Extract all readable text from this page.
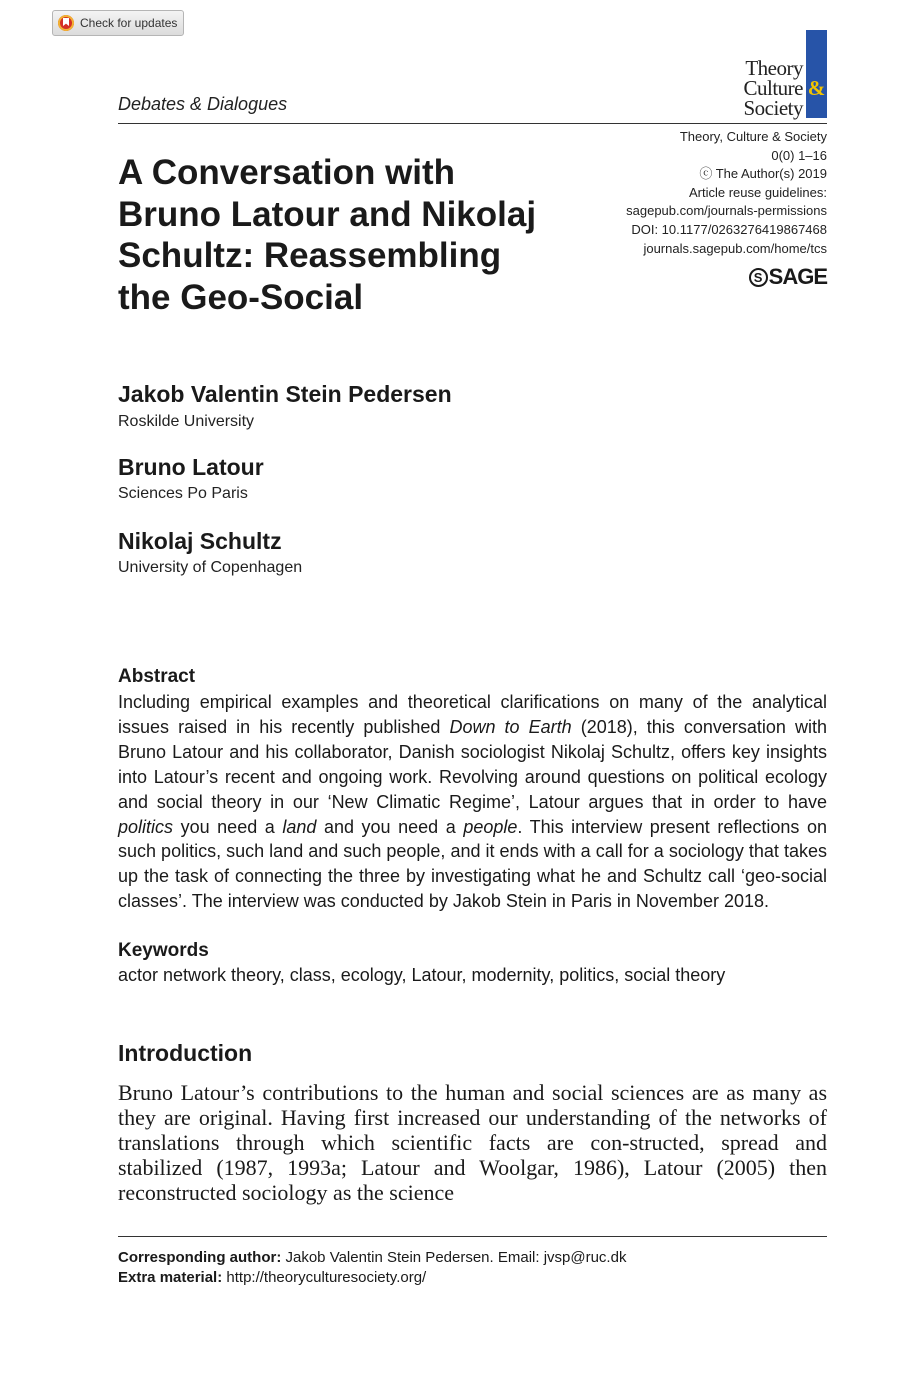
Check for updates
Theory
Culture &
Society
Debates & Dialogues
Theory, Culture & Society
0(0) 1–16
ⓒ The Author(s) 2019
Article reuse guidelines:
sagepub.com/journals-permissions
DOI: 10.1177/0263276419867468
journals.sagepub.com/home/tcs
S SAGE
A Conversation with Bruno Latour and Nikolaj Schultz: Reassembling the Geo-Social
Jakob Valentin Stein Pedersen
Roskilde University
Bruno Latour
Sciences Po Paris
Nikolaj Schultz
University of Copenhagen
Abstract

Including empirical examples and theoretical clarifications on many of the analytical issues raised in his recently published Down to Earth (2018), this conversation with Bruno Latour and his collaborator, Danish sociologist Nikolaj Schultz, offers key insights into Latour’s recent and ongoing work. Revolving around questions on political ecology and social theory in our ‘New Climatic Regime’, Latour argues that in order to have politics you need a land and you need a people. This interview present reflections on such politics, such land and such people, and it ends with a call for a sociology that takes up the task of connecting the three by investigating what he and Schultz call ‘geo-social classes’. The interview was conducted by Jakob Stein in Paris in November 2018.

Keywords
actor network theory, class, ecology, Latour, modernity, politics, social theory
Introduction

Bruno Latour’s contributions to the human and social sciences are as many as they are original. Having first increased our understanding of the networks of translations through which scientific facts are con-structed, spread and stabilized (1987, 1993a; Latour and Woolgar, 1986), Latour (2005) then reconstructed sociology as the science

Corresponding author: Jakob Valentin Stein Pedersen. Email: jvsp@ruc.dk
Extra material: http://theoryculturesociety.org/
